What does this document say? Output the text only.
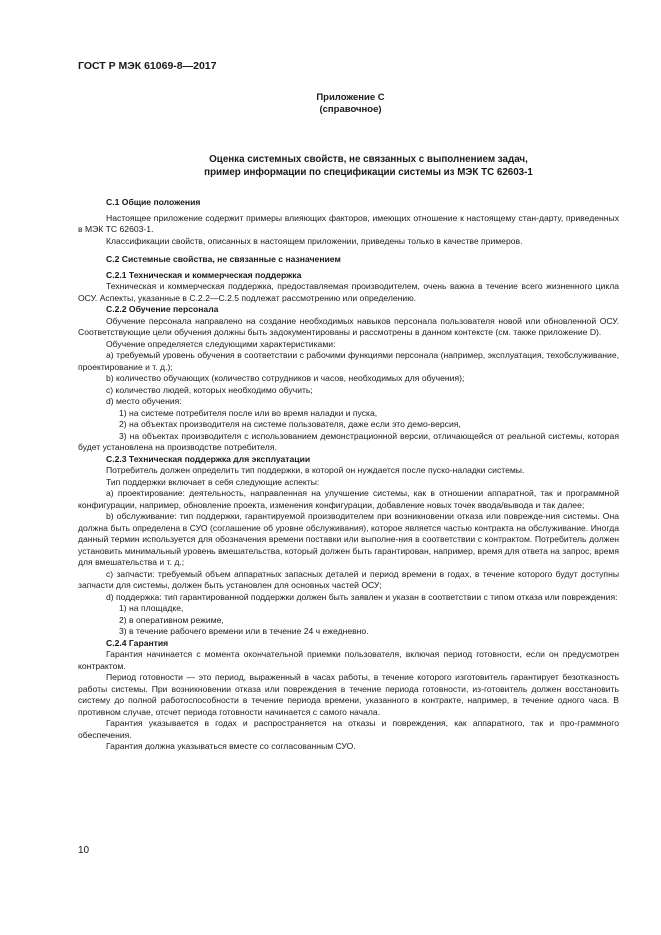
ГОСТ Р МЭК 61069-8—2017
Приложение С
(справочное)
Оценка системных свойств, не связанных с выполнением задач,
пример информации по спецификации системы из МЭК ТС 62603-1

С.1 Общие положения

Настоящее приложение содержит примеры влияющих факторов, имеющих отношение к настоящему стан-дарту, приведенных в МЭК ТС 62603-1.

Классификации свойств, описанных в настоящем приложении, приведены только в качестве примеров.

С.2 Системные свойства, не связанные с назначением

С.2.1 Техническая и коммерческая поддержка

Техническая и коммерческая поддержка, предоставляемая производителем, очень важна в течение всего жизненного цикла ОСУ. Аспекты, указанные в С.2.2—С.2.5 подлежат рассмотрению или определению.

С.2.2 Обучение персонала

Обучение персонала направлено на создание необходимых навыков персонала пользователя новой или обновленной ОСУ. Соответствующие цели обучения должны быть задокументированы и рассмотрены в данном контексте (см. также приложение D).

Обучение определяется следующими характеристиками:

а) требуемый уровень обучения в соответствии с рабочими функциями персонала (например, эксплуатация, техобслуживание, проектирование и т. д.);

b) количество обучающих (количество сотрудников и часов, необходимых для обучения);

c) количество людей, которых необходимо обучить;

d) место обучения:

1) на системе потребителя после или во время наладки и пуска,

2) на объектах производителя на системе пользователя, даже если это демо-версия,

3) на объектах производителя с использованием демонстрационной версии, отличающейся от реальной системы, которая будет установлена на производстве потребителя.

С.2.3 Техническая поддержка для эксплуатации

Потребитель должен определить тип поддержки, в которой он нуждается после пуско-наладки системы.

Тип поддержки включает в себя следующие аспекты:

а) проектирование: деятельность, направленная на улучшение системы, как в отношении аппаратной, так и программной конфигурации, например, обновление проекта, изменения конфигурации, добавление новых точек ввода/вывода и так далее;

b) обслуживание: тип поддержки, гарантируемой производителем при возникновении отказа или поврежде-ния системы. Она должна быть определена в СУО (соглашение об уровне обслуживания), которое является частью контракта на обслуживание. Иногда данный термин используется для обозначения времени поставки или выполне-ния в соответствии с контрактом. Потребитель должен установить минимальный уровень вмешательства, который должен быть гарантирован, например, время для ответа на запрос, время для вмешательства и т. д.;

c) запчасти: требуемый объем аппаратных запасных деталей и период времени в годах, в течение которого будут доступны запчасти для системы, должен быть установлен для основных частей ОСУ;

d) поддержка: тип гарантированной поддержки должен быть заявлен и указан в соответствии с типом отказа или повреждения:

1) на площадке,

2) в оперативном режиме,

3) в течение рабочего времени или в течение 24 ч ежедневно.

С.2.4 Гарантия

Гарантия начинается с момента окончательной приемки пользователя, включая период готовности, если он предусмотрен контрактом.

Период готовности — это период, выраженный в часах работы, в течение которого изготовитель гарантирует безотказность работы системы. При возникновении отказа или повреждения в течение периода готовности, из-готовитель должен восстановить систему до полной работоспособности в течение периода времени, указанного в контракте, например, в течение одного часа. В противном случае, отсчет периода готовности начинается с самого начала.

Гарантия указывается в годах и распространяется на отказы и повреждения, как аппаратного, так и про-граммного обеспечения.

Гарантия должна указываться вместе со согласованным СУО.

10
